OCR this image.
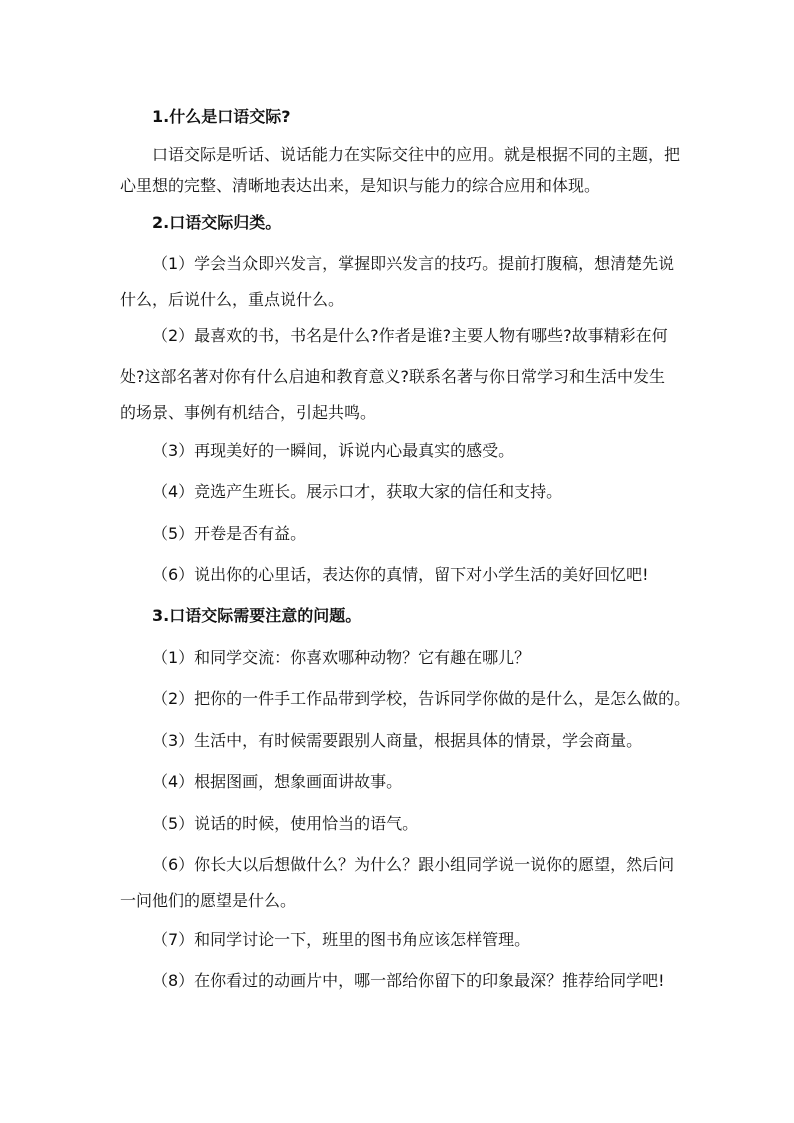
1.什么是口语交际?
口语交际是听话、说话能力在实际交往中的应用。就是根据不同的主题，把
心里想的完整、清晰地表达出来，是知识与能力的综合应用和体现。
2.口语交际归类。
（1）学会当众即兴发言，掌握即兴发言的技巧。提前打腹稿，想清楚先说
什么，后说什么，重点说什么。
（2）最喜欢的书，书名是什么?作者是谁?主要人物有哪些?故事精彩在何
处?这部名著对你有什么启迪和教育意义?联系名著与你日常学习和生活中发生
的场景、事例有机结合，引起共鸣。
（3）再现美好的一瞬间，诉说内心最真实的感受。
（4）竞选产生班长。展示口才，获取大家的信任和支持。
（5）开卷是否有益。
（6）说出你的心里话，表达你的真情，留下对小学生活的美好回忆吧!
3.口语交际需要注意的问题。
（1）和同学交流：你喜欢哪种动物？它有趣在哪儿？
（2）把你的一件手工作品带到学校，告诉同学你做的是什么，是怎么做的。
（3）生活中，有时候需要跟别人商量，根据具体的情景，学会商量。
（4）根据图画，想象画面讲故事。
（5）说话的时候，使用恰当的语气。
（6）你长大以后想做什么？为什么？跟小组同学说一说你的愿望，然后问
一问他们的愿望是什么。
（7）和同学讨论一下，班里的图书角应该怎样管理。
（8）在你看过的动画片中，哪一部给你留下的印象最深？推荐给同学吧!
